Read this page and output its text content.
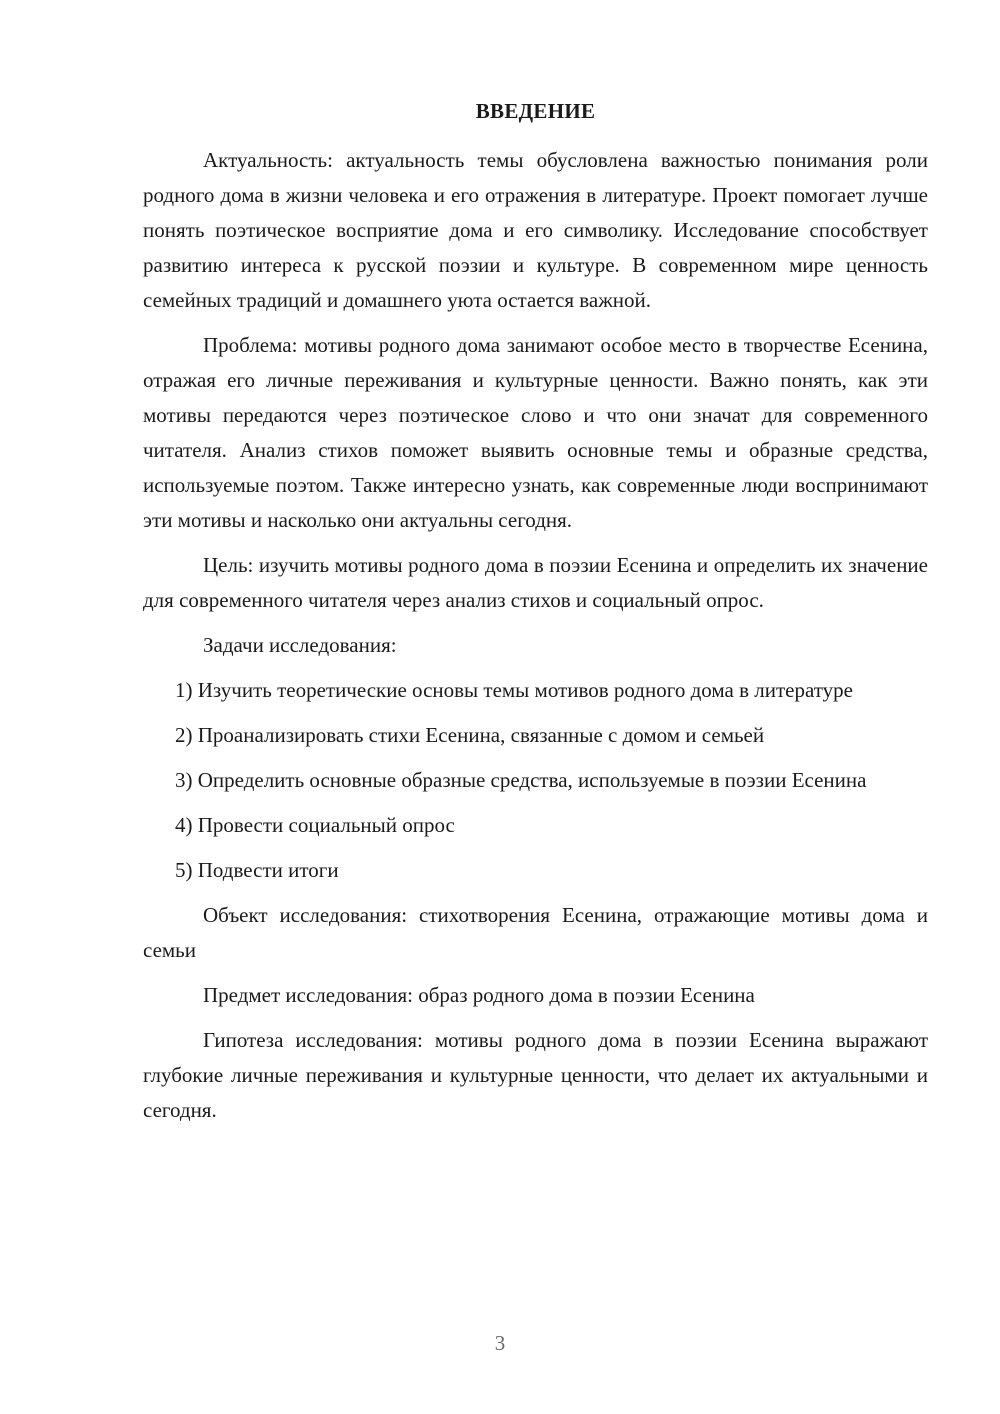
ВВЕДЕНИЕ

Актуальность: актуальность темы обусловлена важностью понимания роли родного дома в жизни человека и его отражения в литературе. Проект помогает лучше понять поэтическое восприятие дома и его символику. Исследование способствует развитию интереса к русской поэзии и культуре. В современном мире ценность семейных традиций и домашнего уюта остается важной.

Проблема: мотивы родного дома занимают особое место в творчестве Есенина, отражая его личные переживания и культурные ценности. Важно понять, как эти мотивы передаются через поэтическое слово и что они значат для современного читателя. Анализ стихов поможет выявить основные темы и образные средства, используемые поэтом. Также интересно узнать, как современные люди воспринимают эти мотивы и насколько они актуальны сегодня.

Цель: изучить мотивы родного дома в поэзии Есенина и определить их значение для современного читателя через анализ стихов и социальный опрос.

Задачи исследования:

1) Изучить теоретические основы темы мотивов родного дома в литературе

2) Проанализировать стихи Есенина, связанные с домом и семьей

3) Определить основные образные средства, используемые в поэзии Есенина

4) Провести социальный опрос

5) Подвести итоги

Объект исследования: стихотворения Есенина, отражающие мотивы дома и семьи

Предмет исследования: образ родного дома в поэзии Есенина

Гипотеза исследования: мотивы родного дома в поэзии Есенина выражают глубокие личные переживания и культурные ценности, что делает их актуальными и сегодня.

3
